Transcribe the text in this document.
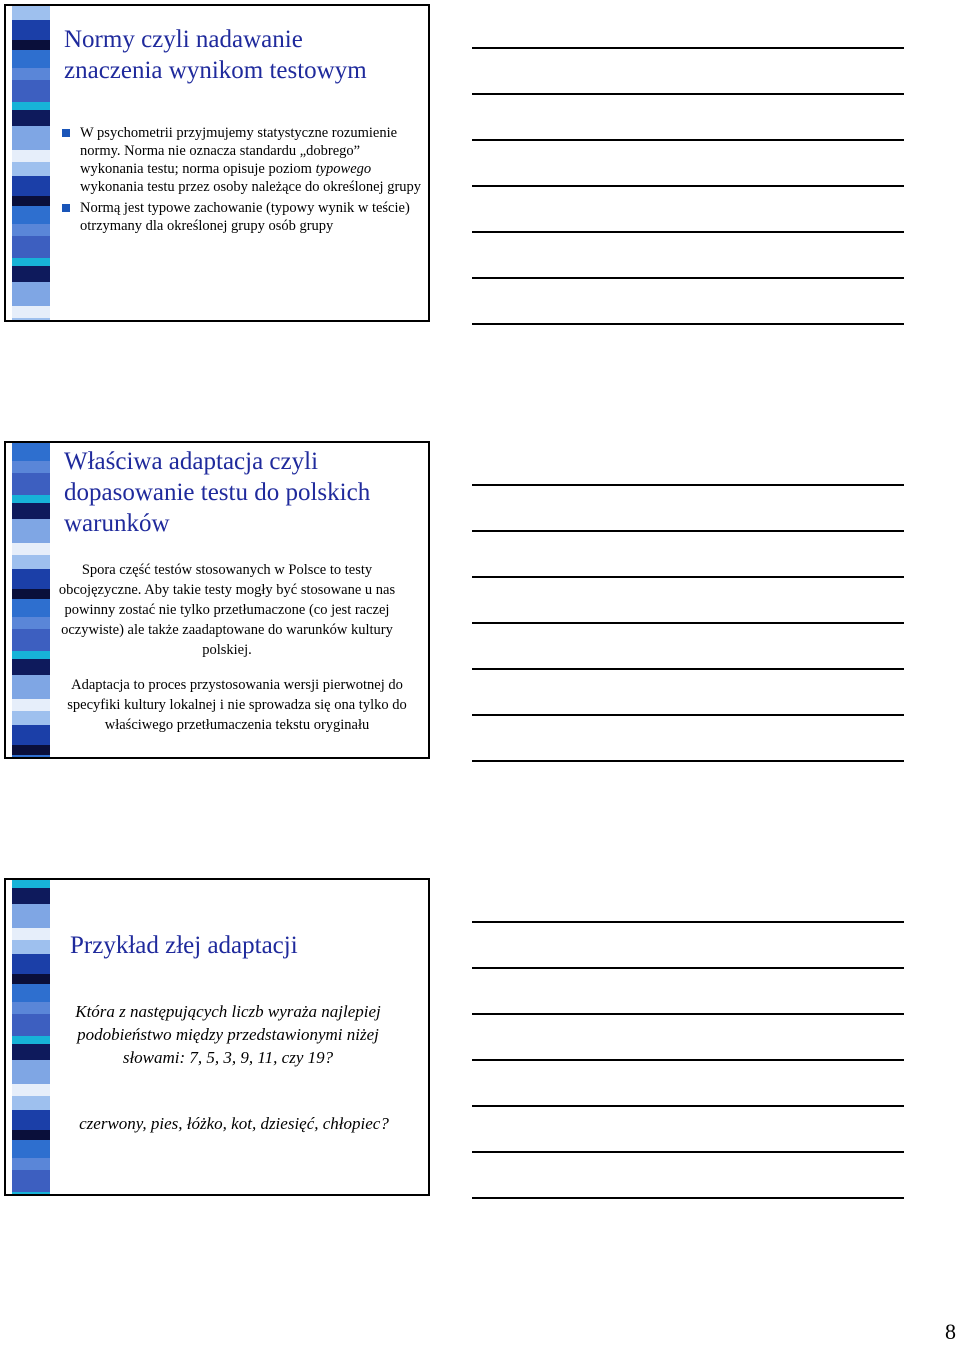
Normy czyli nadawanie
znaczenia wynikom testowym
W psychometrii przyjmujemy statystyczne rozumienie normy. Norma nie oznacza standardu „dobrego” wykonania testu; norma opisuje poziom typowego wykonania testu przez osoby należące do określonej grupy
Normą jest typowe zachowanie (typowy wynik w teście) otrzymany dla określonej grupy osób grupy
Właściwa adaptacja czyli
dopasowanie testu do polskich
warunków
Spora część testów stosowanych w Polsce to testy obcojęzyczne. Aby takie testy mogły być stosowane u nas powinny zostać nie tylko przetłumaczone (co jest raczej oczywiste) ale także zaadaptowane do warunków kultury polskiej.
Adaptacja to proces przystosowania wersji pierwotnej do specyfiki kultury lokalnej i nie sprowadza się ona tylko do właściwego przetłumaczenia tekstu oryginału
Przykład złej adaptacji
Która z następujących liczb wyraża najlepiej podobieństwo między przedstawionymi niżej słowami: 7, 5, 3, 9, 11, czy 19?
czerwony, pies, łóżko, kot, dziesięć, chłopiec?
8
